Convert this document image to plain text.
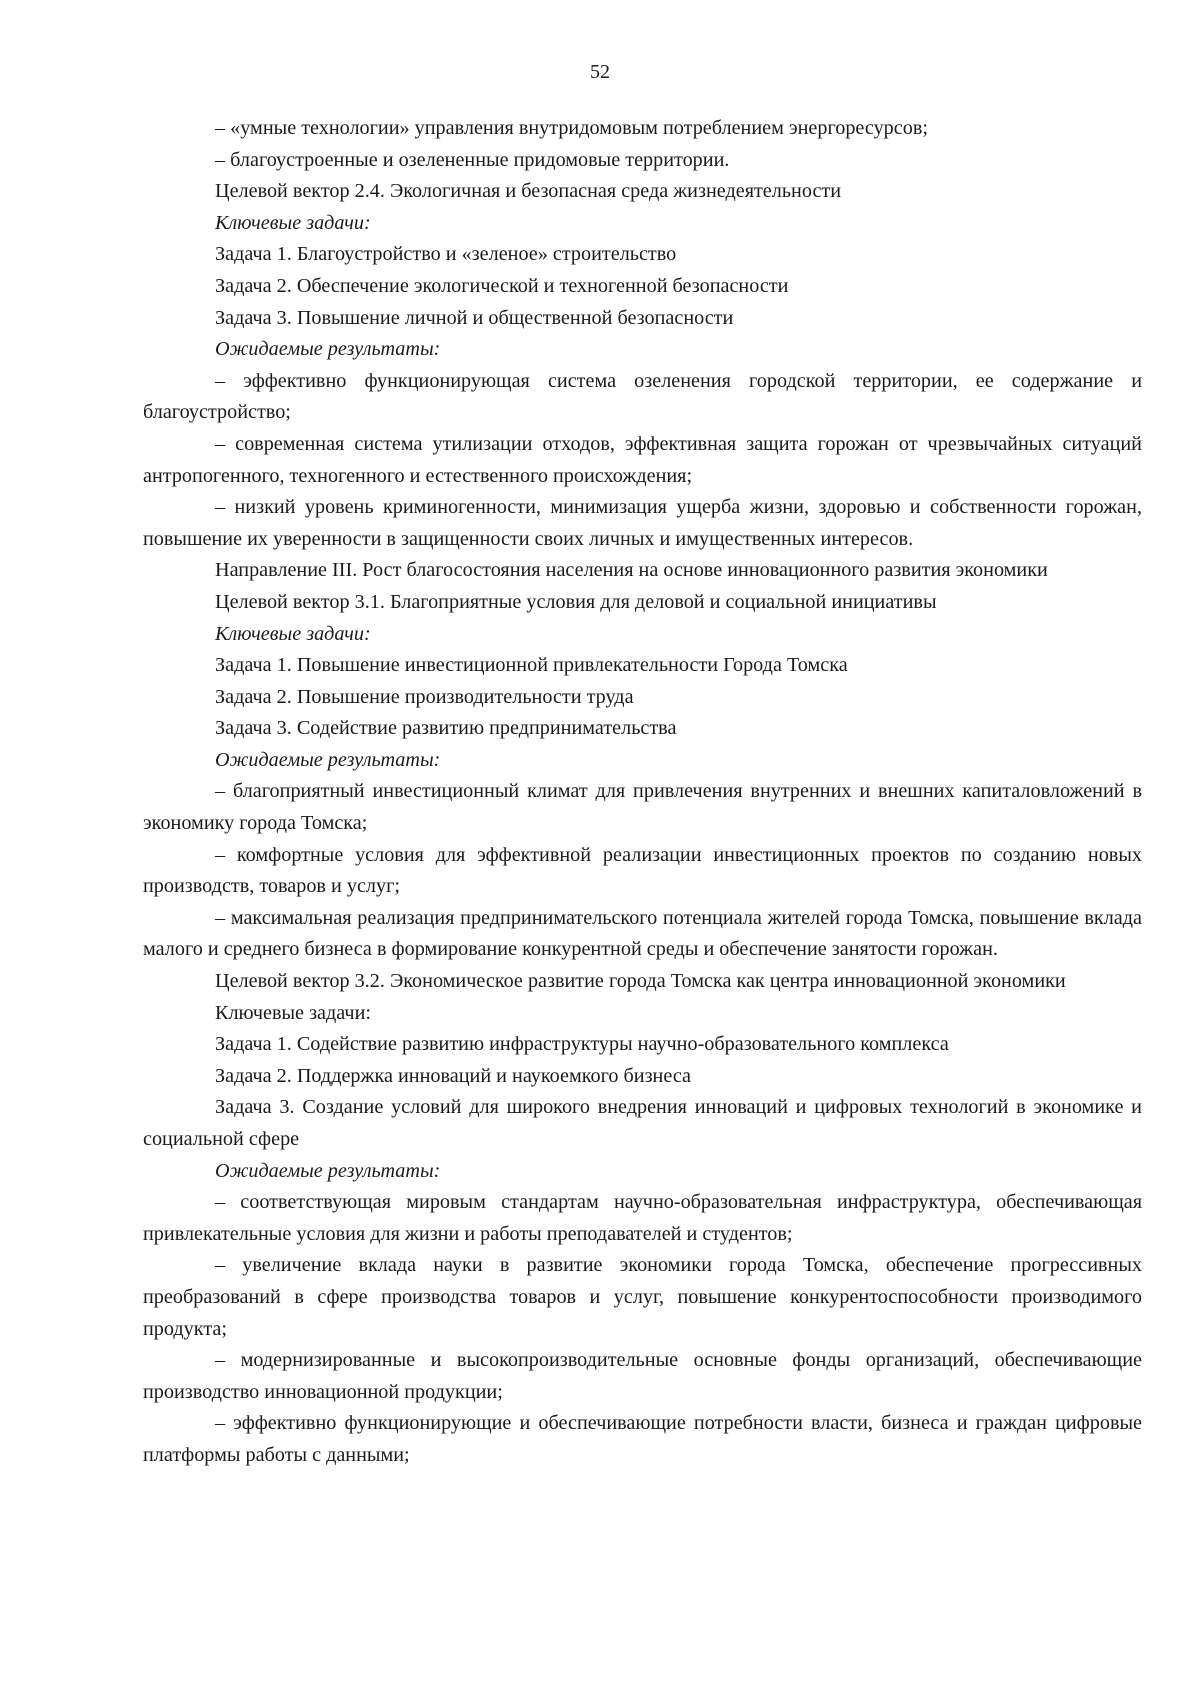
52

– «умные технологии» управления внутридомовым потреблением энергоресурсов;

– благоустроенные и озелененные придомовые территории.

Целевой вектор 2.4. Экологичная и безопасная среда жизнедеятельности

Ключевые задачи:

Задача 1. Благоустройство и «зеленое» строительство

Задача 2. Обеспечение экологической и техногенной безопасности

Задача 3. Повышение личной и общественной безопасности

Ожидаемые результаты:

– эффективно функционирующая система озеленения городской территории, ее содержание и благоустройство;

– современная система утилизации отходов, эффективная защита горожан от чрезвычайных ситуаций антропогенного, техногенного и естественного происхождения;

– низкий уровень криминогенности, минимизация ущерба жизни, здоровью и собственности горожан, повышение их уверенности в защищенности своих личных и имущественных интересов.

Направление III. Рост благосостояния населения на основе инновационного развития экономики

Целевой вектор 3.1. Благоприятные условия для деловой и социальной инициативы

Ключевые задачи:

Задача 1. Повышение инвестиционной привлекательности Города Томска

Задача 2. Повышение производительности труда

Задача 3. Содействие развитию предпринимательства

Ожидаемые результаты:

– благоприятный инвестиционный климат для привлечения внутренних и внешних капиталовложений в экономику города Томска;

– комфортные условия для эффективной реализации инвестиционных проектов по созданию новых производств, товаров и услуг;

– максимальная реализация предпринимательского потенциала жителей города Томска, повышение вклада малого и среднего бизнеса в формирование конкурентной среды и обеспечение занятости горожан.

Целевой вектор 3.2. Экономическое развитие города Томска как центра инновационной экономики

Ключевые задачи:

Задача 1. Содействие развитию инфраструктуры научно-образовательного комплекса

Задача 2. Поддержка инноваций и наукоемкого бизнеса

Задача 3. Создание условий для широкого внедрения инноваций и цифровых технологий в экономике и социальной сфере

Ожидаемые результаты:

– соответствующая мировым стандартам научно-образовательная инфраструктура, обеспечивающая привлекательные условия для жизни и работы преподавателей и студентов;

– увеличение вклада науки в развитие экономики города Томска, обеспечение прогрессивных преобразований в сфере производства товаров и услуг, повышение конкурентоспособности производимого продукта;

– модернизированные и высокопроизводительные основные фонды организаций, обеспечивающие производство инновационной продукции;

– эффективно функционирующие и обеспечивающие потребности власти, бизнеса и граждан цифровые платформы работы с данными;
